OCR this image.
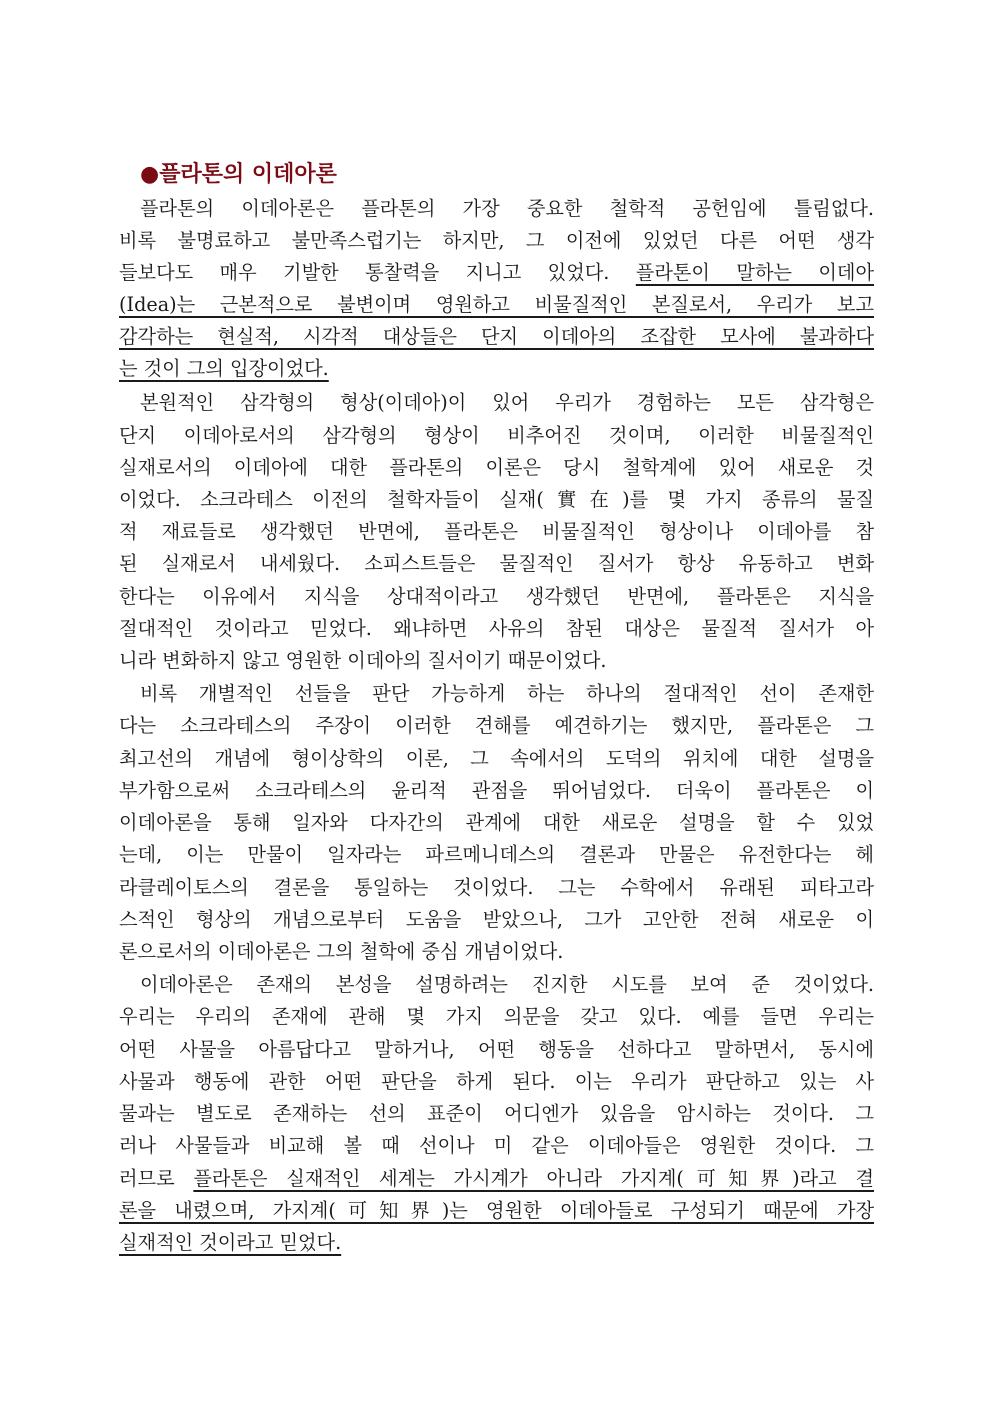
●플라톤의 이데아론
플라톤의 이데아론은 플라톤의 가장 중요한 철학적 공헌임에 틀림없다.
비록 불명료하고 불만족스럽기는 하지만, 그 이전에 있었던 다른 어떤 생각
들보다도 매우 기발한 통찰력을 지니고 있었다. 플라톤이 말하는 이데아
(Idea)는 근본적으로 불변이며 영원하고 비물질적인 본질로서, 우리가 보고
감각하는 현실적, 시각적 대상들은 단지 이데아의 조잡한 모사에 불과하다
는 것이 그의 입장이었다.
본원적인 삼각형의 형상(이데아)이 있어 우리가 경험하는 모든 삼각형은
단지 이데아로서의 삼각형의 형상이 비추어진 것이며, 이러한 비물질적인
실재로서의 이데아에 대한 플라톤의 이론은 당시 철학계에 있어 새로운 것
이었다. 소크라테스 이전의 철학자들이 실재(實在)를 몇 가지 종류의 물질
적 재료들로 생각했던 반면에, 플라톤은 비물질적인 형상이나 이데아를 참
된 실재로서 내세웠다. 소피스트들은 물질적인 질서가 항상 유동하고 변화
한다는 이유에서 지식을 상대적이라고 생각했던 반면에, 플라톤은 지식을
절대적인 것이라고 믿었다. 왜냐하면 사유의 참된 대상은 물질적 질서가 아
니라 변화하지 않고 영원한 이데아의 질서이기 때문이었다.
비록 개별적인 선들을 판단 가능하게 하는 하나의 절대적인 선이 존재한
다는 소크라테스의 주장이 이러한 견해를 예견하기는 했지만, 플라톤은 그
최고선의 개념에 형이상학의 이론, 그 속에서의 도덕의 위치에 대한 설명을
부가함으로써 소크라테스의 윤리적 관점을 뛰어넘었다. 더욱이 플라톤은 이
이데아론을 통해 일자와 다자간의 관계에 대한 새로운 설명을 할 수 있었
는데, 이는 만물이 일자라는 파르메니데스의 결론과 만물은 유전한다는 헤
라클레이토스의 결론을 통일하는 것이었다. 그는 수학에서 유래된 피타고라
스적인 형상의 개념으로부터 도움을 받았으나, 그가 고안한 전혀 새로운 이
론으로서의 이데아론은 그의 철학에 중심 개념이었다.
이데아론은 존재의 본성을 설명하려는 진지한 시도를 보여 준 것이었다.
우리는 우리의 존재에 관해 몇 가지 의문을 갖고 있다. 예를 들면 우리는
어떤 사물을 아름답다고 말하거나, 어떤 행동을 선하다고 말하면서, 동시에
사물과 행동에 관한 어떤 판단을 하게 된다. 이는 우리가 판단하고 있는 사
물과는 별도로 존재하는 선의 표준이 어디엔가 있음을 암시하는 것이다. 그
러나 사물들과 비교해 볼 때 선이나 미 같은 이데아들은 영원한 것이다. 그
러므로 플라톤은 실재적인 세계는 가시계가 아니라 가지계(可知界)라고 결
론을 내렸으며, 가지계(可知界)는 영원한 이데아들로 구성되기 때문에 가장
실재적인 것이라고 믿었다.
